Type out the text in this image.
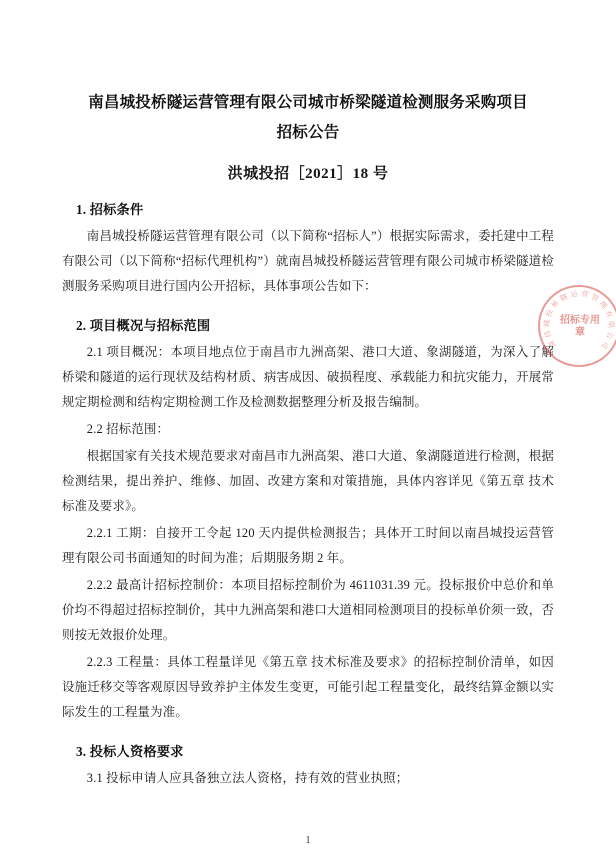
南昌城投桥隧运营管理有限公司城市桥梁隧道检测服务采购项目
招标公告
洪城投招［2021］18 号
1. 招标条件

南昌城投桥隧运营管理有限公司（以下简称“招标人”）根据实际需求，委托建中工程有限公司（以下简称“招标代理机构”）就南昌城投桥隧运营管理有限公司城市桥梁隧道检测服务采购项目进行国内公开招标，具体事项公告如下：

2. 项目概况与招标范围

2.1 项目概况：本项目地点位于南昌市九洲高架、港口大道、象湖隧道，为深入了解桥梁和隧道的运行现状及结构材质、病害成因、破损程度、承载能力和抗灾能力，开展常规定期检测和结构定期检测工作及检测数据整理分析及报告编制。

2.2 招标范围：

根据国家有关技术规范要求对南昌市九洲高架、港口大道、象湖隧道进行检测，根据检测结果，提出养护、维修、加固、改建方案和对策措施，具体内容详见《第五章 技术标准及要求》。

2.2.1 工期：自接开工令起 120 天内提供检测报告；具体开工时间以南昌城投运营管理有限公司书面通知的时间为准；后期服务期 2 年。

2.2.2 最高计招标控制价：本项目招标控制价为 4611031.39 元。投标报价中总价和单价均不得超过招标控制价，其中九洲高架和港口大道相同检测项目的投标单价须一致，否则按无效报价处理。

2.2.3 工程量：具体工程量详见《第五章 技术标准及要求》的招标控制价清单，如因设施迁移交等客观原因导致养护主体发生变更，可能引起工程量变化，最终结算金额以实际发生的工程量为准。

3. 投标人资格要求

3.1 投标申请人应具备独立法人资格，持有效的营业执照；

南
昌
城
投
桥
隧 运 营 管
理
有
限
公
司
招标专用章
1
